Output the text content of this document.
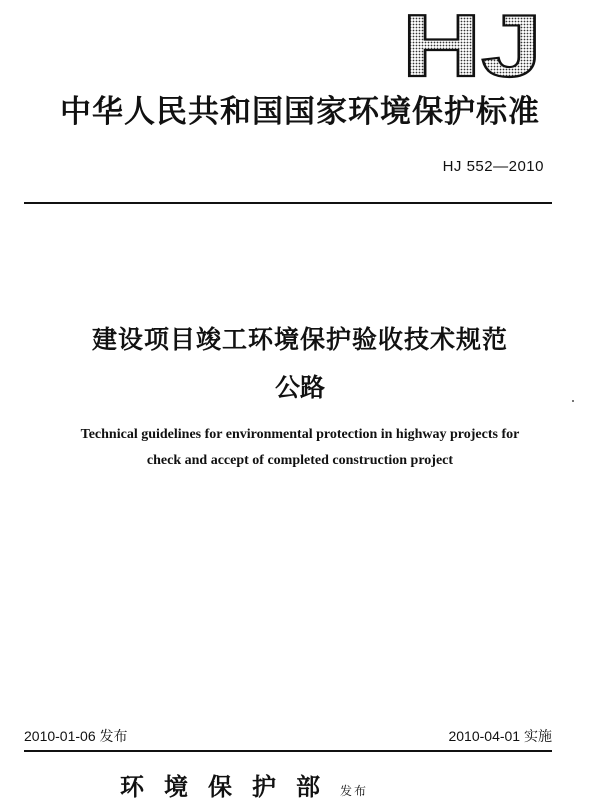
HJ
中华人民共和国国家环境保护标准
HJ 552—2010
建设项目竣工环境保护验收技术规范
公路
Technical guidelines for environmental protection in highway projects for
check and accept of completed construction project
2010-01-06 发布	2010-04-01 实施
环境保护部发布
